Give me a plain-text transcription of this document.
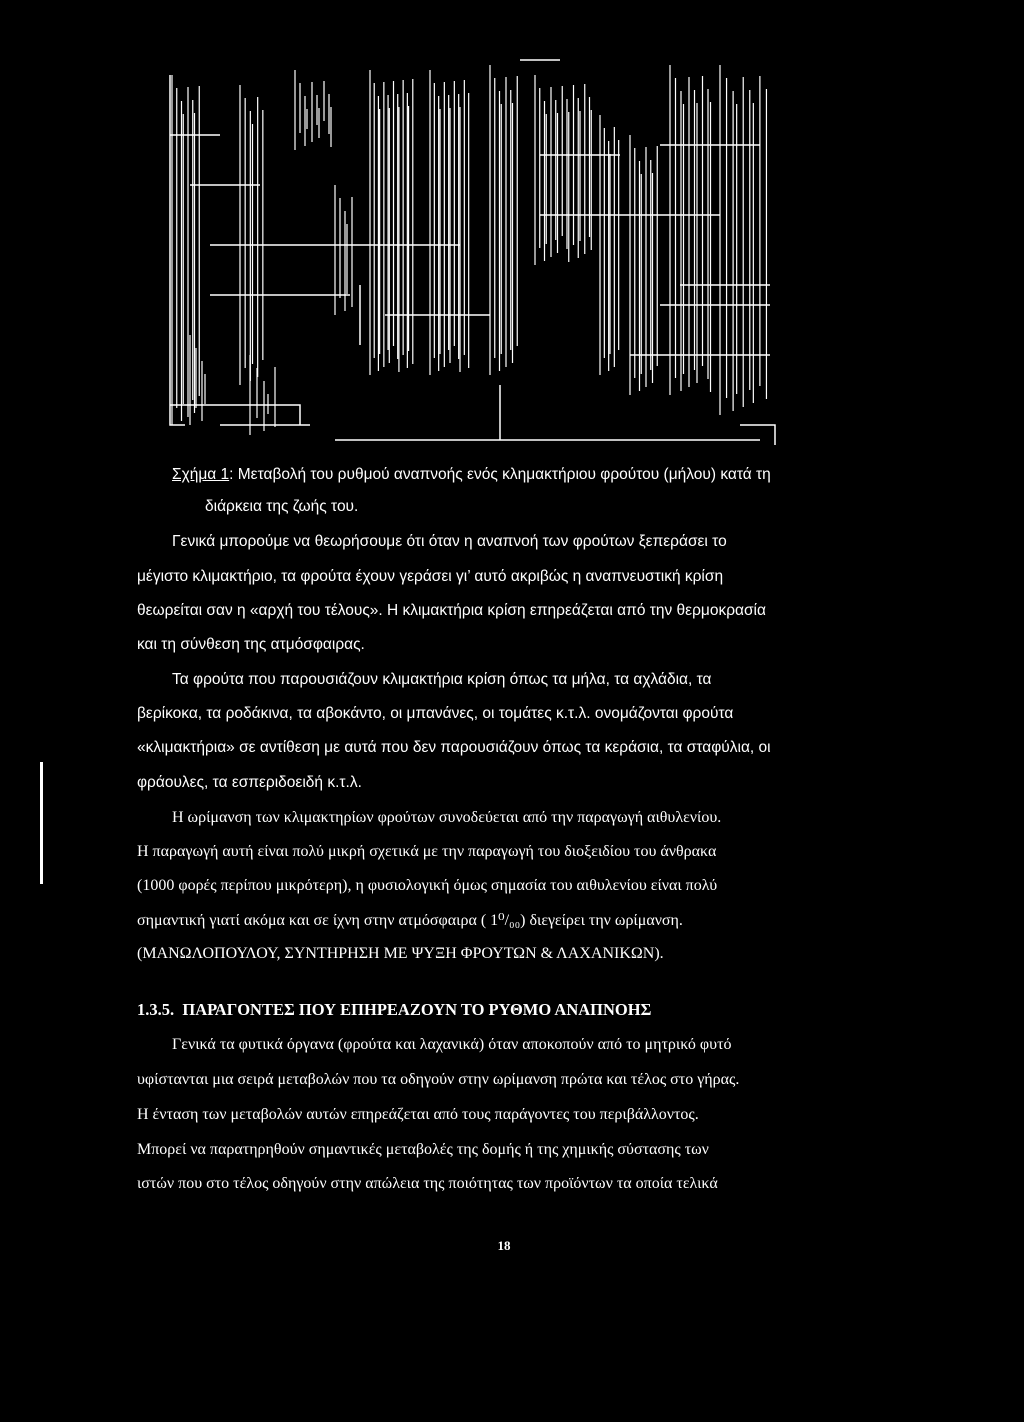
Σχήμα 1: Μεταβολή του ρυθμού αναπνοής ενός κλημακτήριου φρούτου (μήλου) κατά τη
διάρκεια της ζωής του.
Γενικά μπορούμε να θεωρήσουμε ότι όταν η αναπνοή των φρούτων ξεπεράσει το
μέγιστο κλιμακτήριο, τα φρούτα έχουν γεράσει γι’ αυτό ακριβώς η αναπνευστική κρίση
θεωρείται σαν η «αρχή του τέλους». Η κλιμακτήρια κρίση επηρεάζεται από την θερμοκρασία
και τη σύνθεση της ατμόσφαιρας.
Τα φρούτα που παρουσιάζουν κλιμακτήρια κρίση όπως τα μήλα, τα αχλάδια, τα
βερίκοκα, τα ροδάκινα, τα αβοκάντο, οι μπανάνες, οι τομάτες κ.τ.λ. ονομάζονται φρούτα
«κλιμακτήρια» σε αντίθεση με αυτά που δεν παρουσιάζουν όπως τα κεράσια, τα σταφύλια, οι
φράουλες, τα εσπεριδοειδή κ.τ.λ.
Η ωρίμανση των κλιμακτηρίων φρούτων συνοδεύεται από την παραγωγή αιθυλενίου.
Η παραγωγή αυτή είναι πολύ μικρή σχετικά με την παραγωγή του διοξειδίου του άνθρακα
(1000 φορές περίπου μικρότερη), η φυσιολογική όμως σημασία του αιθυλενίου είναι πολύ
σημαντική γιατί ακόμα και σε ίχνη στην ατμόσφαιρα ( 1⁰/₀₀) διεγείρει την ωρίμανση.
(ΜΑΝΩΛΟΠΟΥΛΟΥ, ΣΥΝΤΗΡΗΣΗ ΜΕ ΨΥΞΗ ΦΡΟΥΤΩΝ & ΛΑΧΑΝΙΚΩΝ).
1.3.5. ΠΑΡΑΓΟΝΤΕΣ ΠΟΥ ΕΠΗΡΕΑΖΟΥΝ ΤΟ ΡΥΘΜΟ ΑΝΑΠΝΟΗΣ
Γενικά τα φυτικά όργανα (φρούτα και λαχανικά) όταν αποκοπούν από το μητρικό φυτό
υφίστανται μια σειρά μεταβολών που τα οδηγούν στην ωρίμανση πρώτα και τέλος στο γήρας.
Η ένταση των μεταβολών αυτών επηρεάζεται από τους παράγοντες του περιβάλλοντος.
Μπορεί να παρατηρηθούν σημαντικές μεταβολές της δομής ή της χημικής σύστασης των
ιστών που στο τέλος οδηγούν στην απώλεια της ποιότητας των προϊόντων τα οποία τελικά
18
